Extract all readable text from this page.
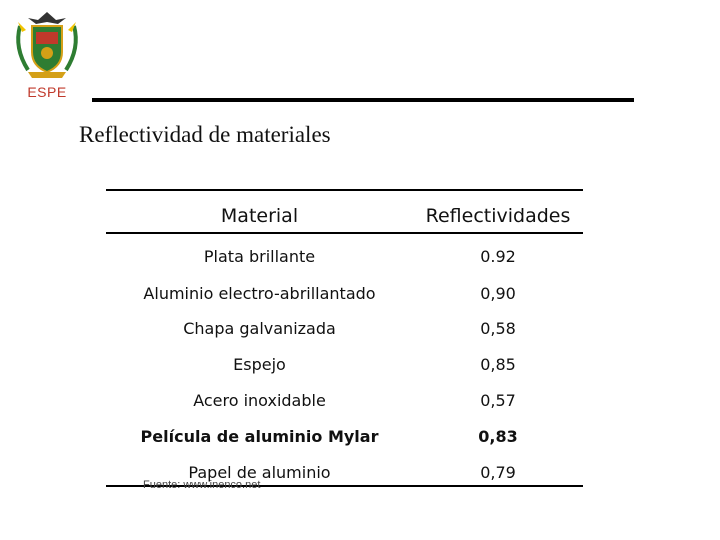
ESPE
Reflectividad de materiales
Material	Reflectividades
Plata brillante	0.92
Aluminio electro-abrillantado	0,90
Chapa galvanizada	0,58
Espejo	0,85
Acero inoxidable	0,57
Película de aluminio Mylar	0,83
Papel de aluminio	0,79
Fuente: www.inenco.net
